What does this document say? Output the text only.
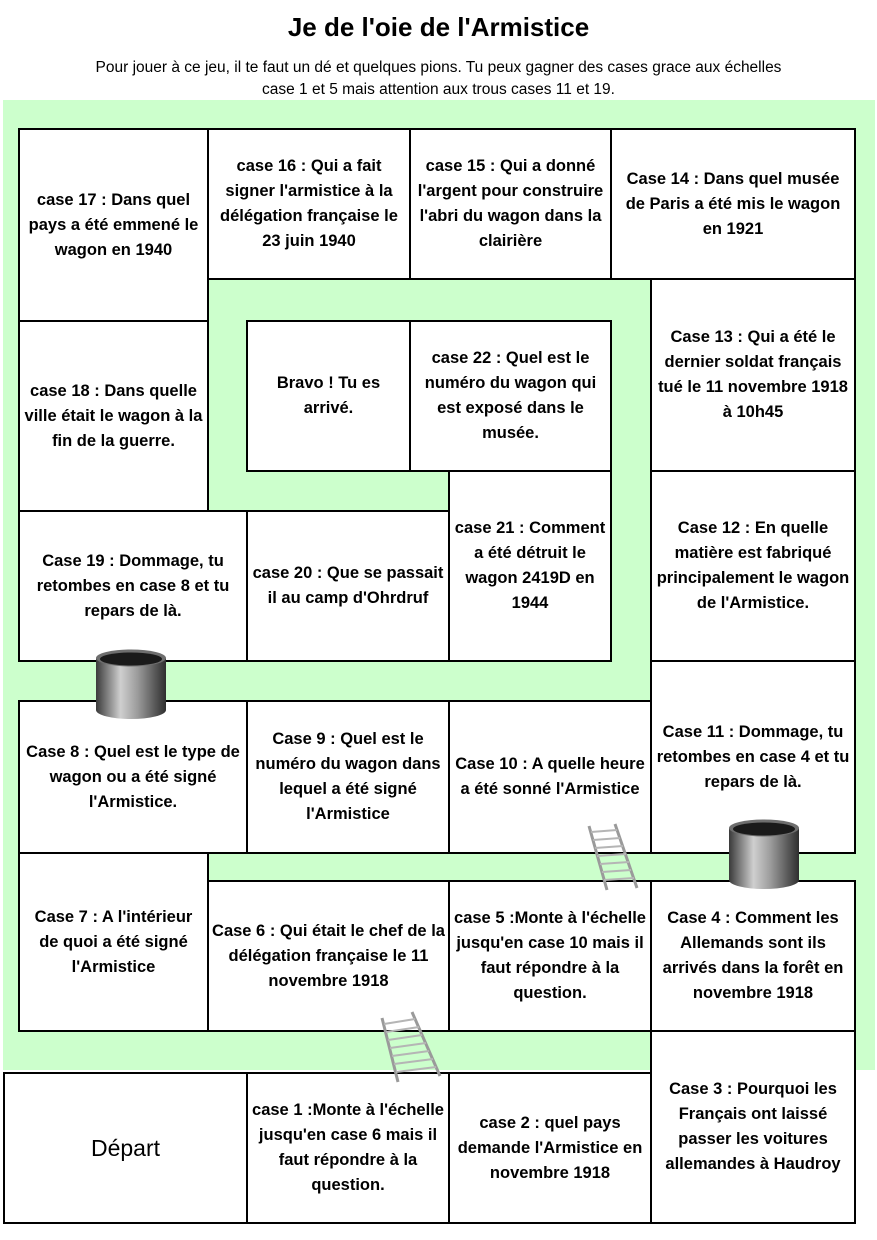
Je de l'oie de l'Armistice
Pour jouer à ce jeu, il te faut un dé et quelques pions. Tu peux gagner des cases grace aux échelles
case 1 et 5 mais attention aux trous cases 11 et 19.
case 17 : Dans quel pays a été emmené le wagon en 1940
case 16 : Qui a fait signer l'armistice à la délégation française le 23 juin 1940
case 15 : Qui a donné l'argent pour construire l'abri du wagon dans la clairière
Case 14 : Dans quel musée de Paris a été mis le wagon en 1921
case 18 : Dans quelle ville était le wagon à la fin de la guerre.
Bravo ! Tu es arrivé.
case 22 : Quel est le numéro du wagon qui est exposé dans le musée.
Case 13 : Qui a été le dernier soldat français tué le 11 novembre 1918 à 10h45
Case 19 : Dommage, tu retombes en case 8 et tu repars de là.
case 20 : Que se passait il au camp d'Ohrdruf
case 21 : Comment a été détruit le wagon 2419D en 1944
Case 12 : En quelle matière est fabriqué principalement le wagon de l'Armistice.
Case 8 : Quel est le type de wagon ou a été signé l'Armistice.
Case 9 : Quel est le numéro du wagon dans lequel a été signé l'Armistice
Case 10 : A quelle heure a été sonné l'Armistice
Case 11 : Dommage, tu retombes en case 4 et tu repars de là.
Case 7 : A l'intérieur de quoi a été signé l'Armistice
Case 6 : Qui était le chef de la délégation française le 11 novembre 1918
case 5 :Monte à l'échelle jusqu'en case 10 mais il faut répondre à la question.
Case 4 : Comment les Allemands sont ils arrivés dans la forêt en novembre 1918
Départ
case 1 :Monte à l'échelle jusqu'en case 6 mais il faut répondre à la question.
case 2 : quel pays demande l'Armistice en novembre 1918
Case 3 : Pourquoi les Français ont laissé passer les voitures allemandes à Haudroy
